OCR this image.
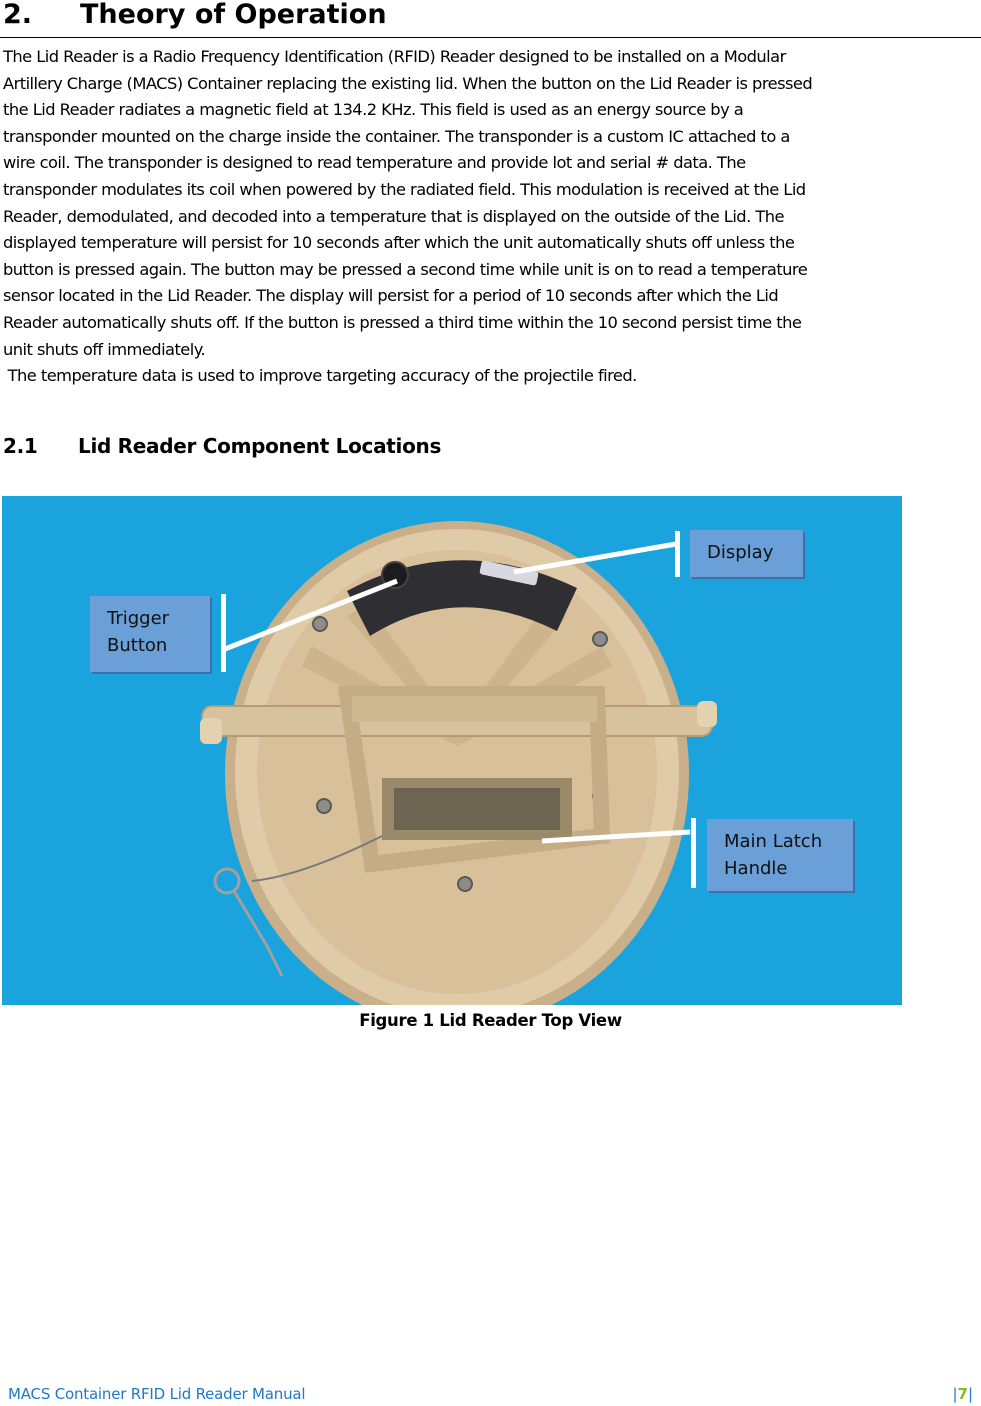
2. Theory of Operation
The Lid Reader is a Radio Frequency Identification (RFID) Reader designed to be installed on a Modular
Artillery Charge (MACS) Container replacing the existing lid. When the button on the Lid Reader is pressed
the Lid Reader radiates a magnetic field at 134.2 KHz. This field is used as an energy source by a
transponder mounted on the charge inside the container. The transponder is a custom IC attached to a
wire coil. The transponder is designed to read temperature and provide lot and serial # data. The
transponder modulates its coil when powered by the radiated field. This modulation is received at the Lid
Reader, demodulated, and decoded into a temperature that is displayed on the outside of the Lid. The
displayed temperature will persist for 10 seconds after which the unit automatically shuts off unless the
button is pressed again. The button may be pressed a second time while unit is on to read a temperature
sensor located in the Lid Reader. The display will persist for a period of 10 seconds after which the Lid
Reader automatically shuts off. If the button is pressed a third time within the 10 second persist time the
unit shuts off immediately.
The temperature data is used to improve targeting accuracy of the projectile fired.
2.1 Lid Reader Component Locations
Trigger
Button
Display
Main Latch
Handle
Figure 1 Lid Reader Top View
MACS Container RFID Lid Reader Manual	|7|
